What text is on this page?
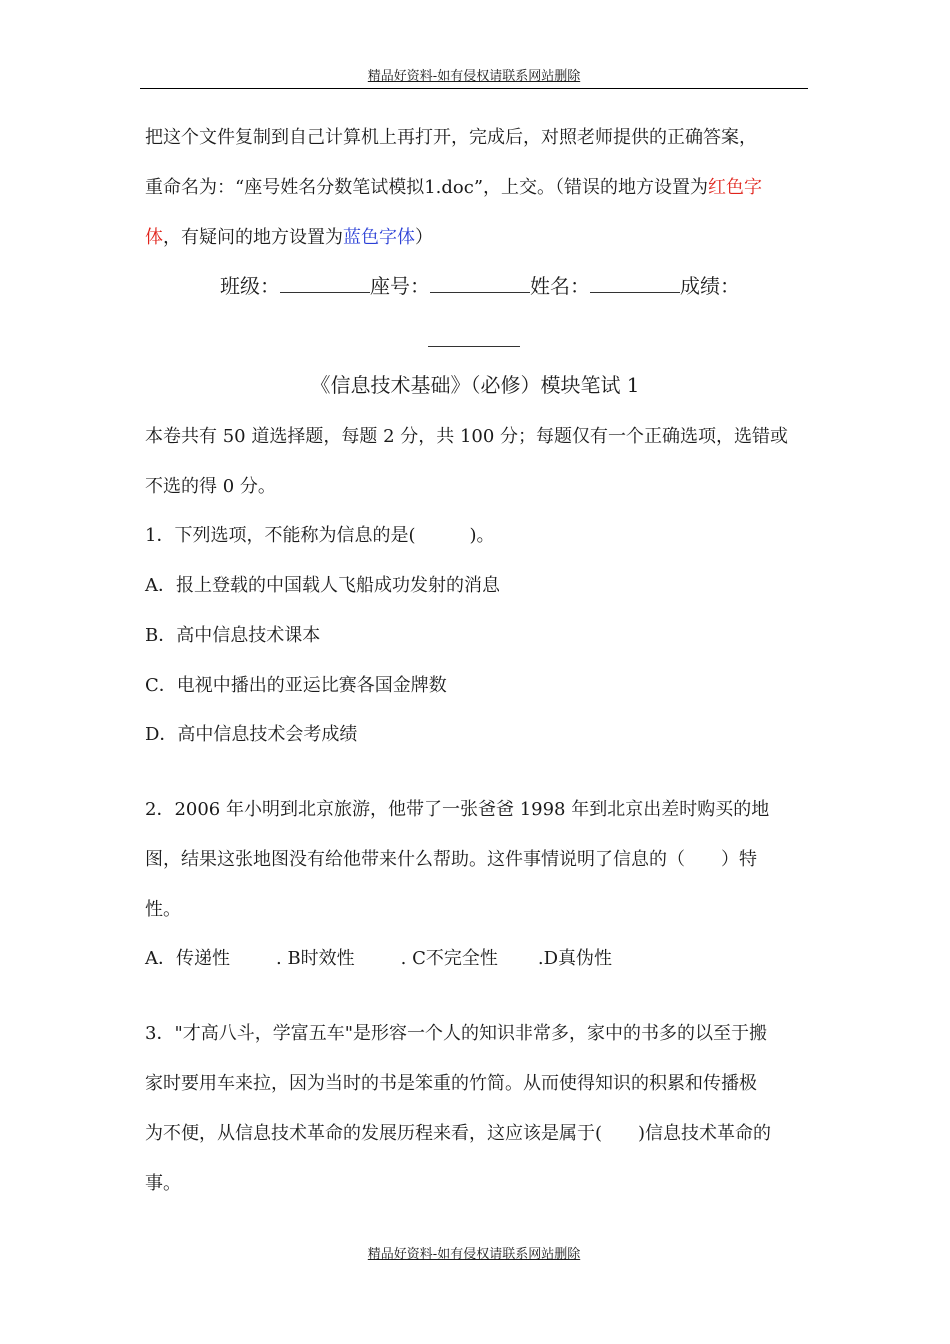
精品好资料-如有侵权请联系网站删除
把这个文件复制到自己计算机上再打开，完成后，对照老师提供的正确答案，
重命名为：“座号姓名分数笔试模拟1.doc”，上交。（错误的地方设置为红色字
体，有疑问的地方设置为蓝色字体）
班级：	座号：	姓名：	成绩：
《信息技术基础》（必修）模块笔试 1
本卷共有 50 道选择题，每题 2 分，共 100 分；每题仅有一个正确选项，选错或
不选的得 0 分。
1．下列选项，不能称为信息的是(　　　)。
A．报上登载的中国载人飞船成功发射的消息
B．高中信息技术课本
C．电视中播出的亚运比赛各国金牌数
D．高中信息技术会考成绩
2．2006 年小明到北京旅游，他带了一张爸爸 1998 年到北京出差时购买的地
图，结果这张地图没有给他带来什么帮助。这件事情说明了信息的（　　）特
性。
A．传递性	. B时效性	. C不完全性 .D真伪性
3．"才高八斗，学富五车"是形容一个人的知识非常多，家中的书多的以至于搬
家时要用车来拉，因为当时的书是笨重的竹简。从而使得知识的积累和传播极
为不便，从信息技术革命的发展历程来看，这应该是属于(　　)信息技术革命的
事。
精品好资料-如有侵权请联系网站删除
